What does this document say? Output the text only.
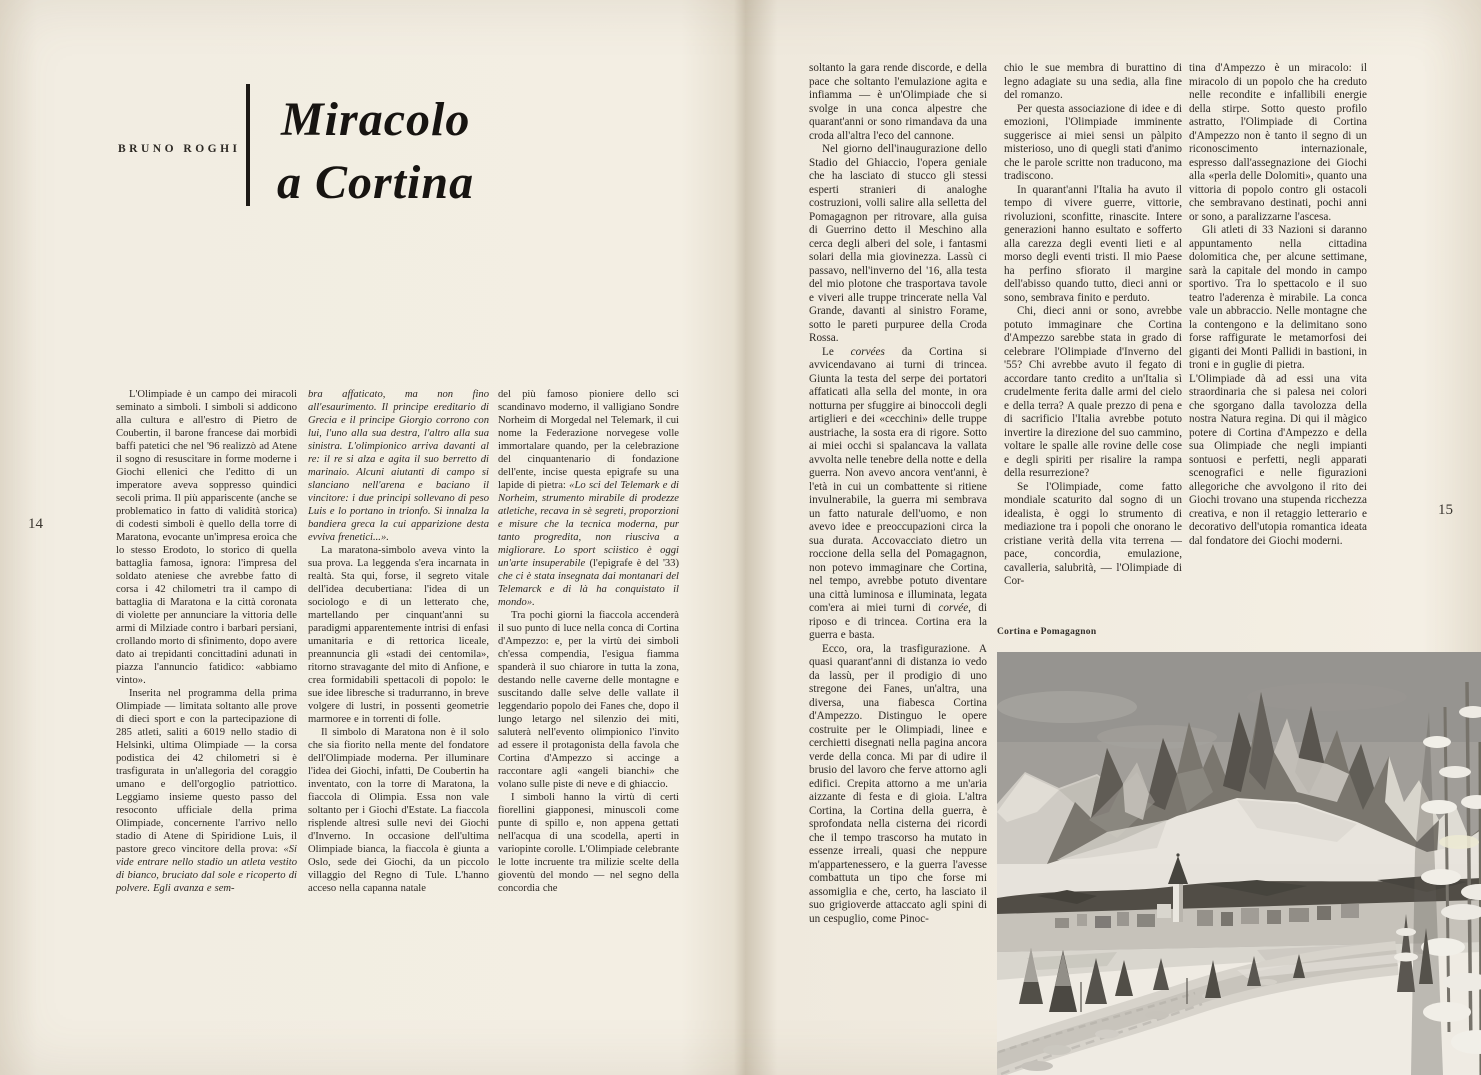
BRUNO ROGHI
Miracolo
a Cortina
14

L'Olimpiade è un campo dei miracoli seminato a simboli. I simboli si addicono alla cultura e all'estro di Pietro de Coubertin, il barone francese dai morbidi baffi patetici che nel '96 realizzò ad Atene il sogno di resuscitare in forme moderne i Giochi ellenici che l'editto di un imperatore aveva soppresso quindici secoli prima. Il più appariscente (anche se problematico in fatto di validità storica) di codesti simboli è quello della torre di Maratona, evocante un'impresa eroica che lo stesso Erodoto, lo storico di quella battaglia famosa, ignora: l'impresa del soldato ateniese che avrebbe fatto di corsa i 42 chilometri tra il campo di battaglia di Maratona e la città coronata di violette per annunciare la vittoria delle armi di Milziade contro i barbari persiani, crollando morto di sfinimento, dopo avere dato ai trepidanti concittadini adunati in piazza l'annuncio fatidico: «abbiamo vinto».

Inserita nel programma della prima Olimpiade — limitata soltanto alle prove di dieci sport e con la partecipazione di 285 atleti, saliti a 6019 nello stadio di Helsinki, ultima Olimpiade — la corsa podistica dei 42 chilometri si è trasfigurata in un'allegoria del coraggio umano e dell'orgoglio patriottico. Leggiamo insieme questo passo del resoconto ufficiale della prima Olimpiade, concernente l'arrivo nello stadio di Atene di Spiridione Luis, il pastore greco vincitore della prova: «Si vide entrare nello stadio un atleta vestito di bianco, bruciato dal sole e ricoperto di polvere. Egli avanza e sem-

bra affaticato, ma non fino all'esaurimento. Il principe ereditario di Grecia e il principe Giorgio corrono con lui, l'uno alla sua destra, l'altro alla sua sinistra. L'olimpionico arriva davanti al re: il re si alza e agita il suo berretto di marinaio. Alcuni aiutanti di campo si slanciano nell'arena e baciano il vincitore: i due principi sollevano di peso Luis e lo portano in trionfo. Si innalza la bandiera greca la cui apparizione desta evviva frenetici...».

La maratona-simbolo aveva vinto la sua prova. La leggenda s'era incarnata in realtà. Sta qui, forse, il segreto vitale dell'idea decubertiana: l'idea di un sociologo e di un letterato che, martellando per cinquant'anni su paradigmi apparentemente intrisi di enfasi umanitaria e di rettorica liceale, preannuncia gli «stadi dei centomila», ritorno stravagante del mito di Anfione, e crea formidabili spettacoli di popolo: le sue idee libresche si tradurranno, in breve volgere di lustri, in possenti geometrie marmoree e in torrenti di folle.

Il simbolo di Maratona non è il solo che sia fiorito nella mente del fondatore dell'Olimpiade moderna. Per illuminare l'idea dei Giochi, infatti, De Coubertin ha inventato, con la torre di Maratona, la fiaccola di Olimpia. Essa non vale soltanto per i Giochi d'Estate. La fiaccola risplende altresì sulle nevi dei Giochi d'Inverno. In occasione dell'ultima Olimpiade bianca, la fiaccola è giunta a Oslo, sede dei Giochi, da un piccolo villaggio del Regno di Tule. L'hanno acceso nella capanna natale

del più famoso pioniere dello sci scandinavo moderno, il valligiano Sondre Norheim di Morgedal nel Telemark, il cui nome la Federazione norvegese volle immortalare quando, per la celebrazione del cinquantenario di fondazione dell'ente, incise questa epigrafe su una lapide di pietra: «Lo sci del Telemark e di Norheim, strumento mirabile di prodezze atletiche, recava in sè segreti, proporzioni e misure che la tecnica moderna, pur tanto progredita, non riusciva a migliorare. Lo sport sciistico è oggi un'arte insuperabile (l'epigrafe è del '33) che ci è stata insegnata dai montanari del Telemarck e di là ha conquistato il mondo».

Tra pochi giorni la fiaccola accenderà il suo punto di luce nella conca di Cortina d'Ampezzo: e, per la virtù dei simboli ch'essa compendia, l'esigua fiamma spanderà il suo chiarore in tutta la zona, destando nelle caverne delle montagne e suscitando dalle selve delle vallate il leggendario popolo dei Fanes che, dopo il lungo letargo nel silenzio dei miti, saluterà nell'evento olimpionico l'invito ad essere il protagonista della favola che Cortina d'Ampezzo si accinge a raccontare agli «angeli bianchi» che volano sulle piste di neve e di ghiaccio.

I simboli hanno la virtù di certi fiorellini giapponesi, minuscoli come punte di spillo e, non appena gettati nell'acqua di una scodella, aperti in variopinte corolle. L'Olimpiade celebrante le lotte incruente tra milizie scelte della gioventù del mondo — nel segno della concordia che

15

soltanto la gara rende discorde, e della pace che soltanto l'emulazione agita e infiamma — è un'Olimpiade che si svolge in una conca alpestre che quarant'anni or sono rimandava da una croda all'altra l'eco del cannone.

Nel giorno dell'inaugurazione dello Stadio del Ghiaccio, l'opera geniale che ha lasciato di stucco gli stessi esperti stranieri di analoghe costruzioni, volli salire alla selletta del Pomagagnon per ritrovare, alla guisa di Guerrino detto il Meschino alla cerca degli alberi del sole, i fantasmi solari della mia giovinezza. Lassù ci passavo, nell'inverno del '16, alla testa del mio plotone che trasportava tavole e viveri alle truppe trincerate nella Val Grande, davanti al sinistro Forame, sotto le pareti purpuree della Croda Rossa.

Le corvées da Cortina si avvicendavano ai turni di trincea. Giunta la testa del serpe dei portatori affaticati alla sella del monte, in ora notturna per sfuggire ai binoccoli degli artiglieri e dei «cecchini» delle truppe austriache, la sosta era di rigore. Sotto ai miei occhi si spalancava la vallata avvolta nelle tenebre della notte e della guerra. Non avevo ancora vent'anni, è l'età in cui un combattente si ritiene invulnerabile, la guerra mi sembrava un fatto naturale dell'uomo, e non avevo idee e preoccupazioni circa la sua durata. Accovacciato dietro un roccione della sella del Pomagagnon, non potevo immaginare che Cortina, nel tempo, avrebbe potuto diventare una città luminosa e illuminata, legata com'era ai miei turni di corvée, di riposo e di trincea. Cortina era la guerra e basta.

Ecco, ora, la trasfigurazione. A quasi quarant'anni di distanza io vedo da lassù, per il prodigio di uno stregone dei Fanes, un'altra, una diversa, una fiabesca Cortina d'Ampezzo. Distinguo le opere costruite per le Olimpiadi, linee e cerchietti disegnati nella pagina ancora verde della conca. Mi par di udire il brusio del lavoro che ferve attorno agli edifici. Crepita attorno a me un'aria aizzante di festa e di gioia. L'altra Cortina, la Cortina della guerra, è sprofondata nella cisterna dei ricordi che il tempo trascorso ha mutato in essenze irreali, quasi che neppure m'appartenessero, e la guerra l'avesse combattuta un tipo che forse mi assomiglia e che, certo, ha lasciato il suo grigioverde attaccato agli spini di un cespuglio, come Pinoc-

chio le sue membra di burattino di legno adagiate su una sedia, alla fine del romanzo.

Per questa associazione di idee e di emozioni, l'Olimpiade imminente suggerisce ai miei sensi un pàlpito misterioso, uno di quegli stati d'animo che le parole scritte non traducono, ma tradiscono.

In quarant'anni l'Italia ha avuto il tempo di vivere guerre, vittorie, rivoluzioni, sconfitte, rinascite. Intere generazioni hanno esultato e sofferto alla carezza degli eventi lieti e al morso degli eventi tristi. Il mio Paese ha perfino sfiorato il margine dell'abisso quando tutto, dieci anni or sono, sembrava finito e perduto.

Chi, dieci anni or sono, avrebbe potuto immaginare che Cortina d'Ampezzo sarebbe stata in grado di celebrare l'Olimpiade d'Inverno del '55? Chi avrebbe avuto il fegato di accordare tanto credito a un'Italia sì crudelmente ferita dalle armi del cielo e della terra? A quale prezzo di pena e di sacrificio l'Italia avrebbe potuto invertire la direzione del suo cammino, voltare le spalle alle rovine delle cose e degli spiriti per risalire la rampa della resurrezione?

Se l'Olimpiade, come fatto mondiale scaturito dal sogno di un idealista, è oggi lo strumento di mediazione tra i popoli che onorano le cristiane verità della vita terrena — pace, concordia, emulazione, cavalleria, salubrità, — l'Olimpiade di Cor-

tina d'Ampezzo è un miracolo: il miracolo di un popolo che ha creduto nelle recondite e infallibili energie della stirpe. Sotto questo profilo astratto, l'Olimpiade di Cortina d'Ampezzo non è tanto il segno di un riconoscimento internazionale, espresso dall'assegnazione dei Giochi alla «perla delle Dolomiti», quanto una vittoria di popolo contro gli ostacoli che sembravano destinati, pochi anni or sono, a paralizzarne l'ascesa.

Gli atleti di 33 Nazioni si daranno appuntamento nella cittadina dolomitica che, per alcune settimane, sarà la capitale del mondo in campo sportivo. Tra lo spettacolo e il suo teatro l'aderenza è mirabile. La conca vale un abbraccio. Nelle montagne che la contengono e la delimitano sono forse raffigurate le metamorfosi dei giganti dei Monti Pallidi in bastioni, in troni e in guglie di pietra.

L'Olimpiade dà ad essi una vita straordinaria che si palesa nei colori che sgorgano dalla tavolozza della nostra Natura regina. Di qui il màgico potere di Cortina d'Ampezzo e della sua Olimpiade che negli impianti sontuosi e perfetti, negli apparati scenografici e nelle figurazioni allegoriche che avvolgono il rito dei Giochi trovano una stupenda ricchezza creativa, e non il retaggio letterario e decorativo dell'utopia romantica ideata dal fondatore dei Giochi moderni.

Cortina e Pomagagnon
